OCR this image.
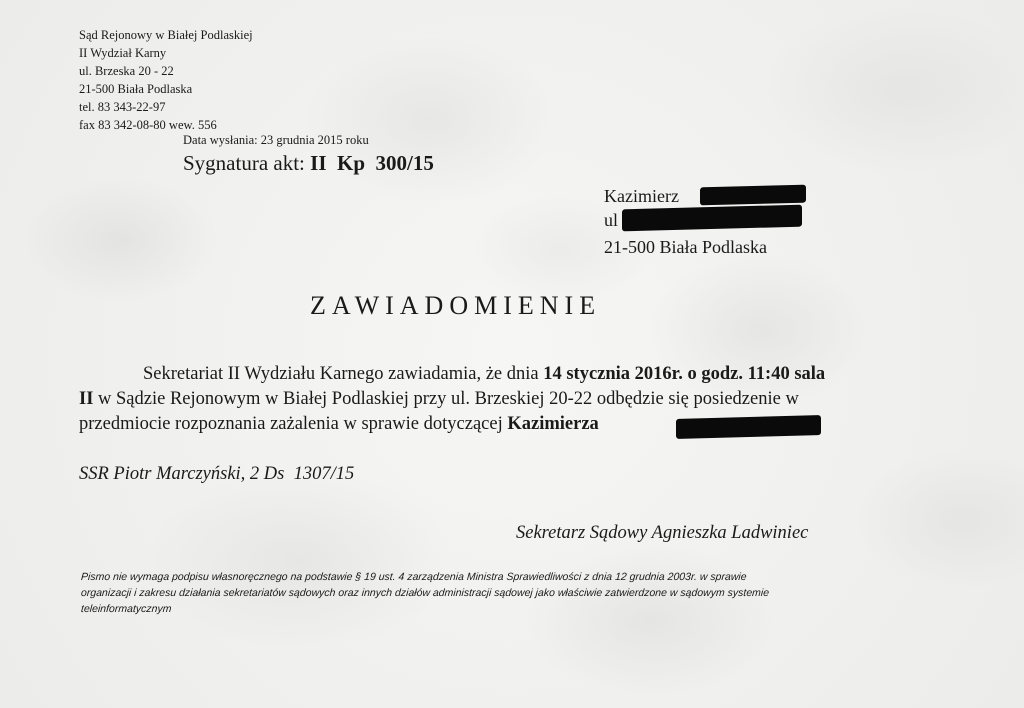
Sąd Rejonowy w Białej Podlaskiej
II Wydział Karny
ul. Brzeska 20 - 22
21-500 Biała Podlaska
tel. 83 343-22-97
fax 83 342-08-80 wew. 556
Data wysłania: 23 grudnia 2015 roku
Sygnatura akt: II  Kp  300/15
Kazimierz
ul
21-500 Biała Podlaska
ZAWIADOMIENIE
Sekretariat II Wydziału Karnego zawiadamia, że dnia 14 stycznia 2016r. o godz. 11:40 sala
II w Sądzie Rejonowym w Białej Podlaskiej przy ul. Brzeskiej 20-22 odbędzie się posiedzenie w
przedmiocie rozpoznania zażalenia w sprawie dotyczącej Kazimierza
SSR Piotr Marczyński, 2 Ds  1307/15
Sekretarz Sądowy Agnieszka Ladwiniec
Pismo nie wymaga podpisu własnoręcznego na podstawie § 19 ust. 4 zarządzenia Ministra Sprawiedliwości z dnia 12 grudnia 2003r. w sprawie
organizacji i zakresu działania sekretariatów sądowych oraz innych działów administracji sądowej jako właściwie zatwierdzone w sądowym systemie
teleinformatycznym
